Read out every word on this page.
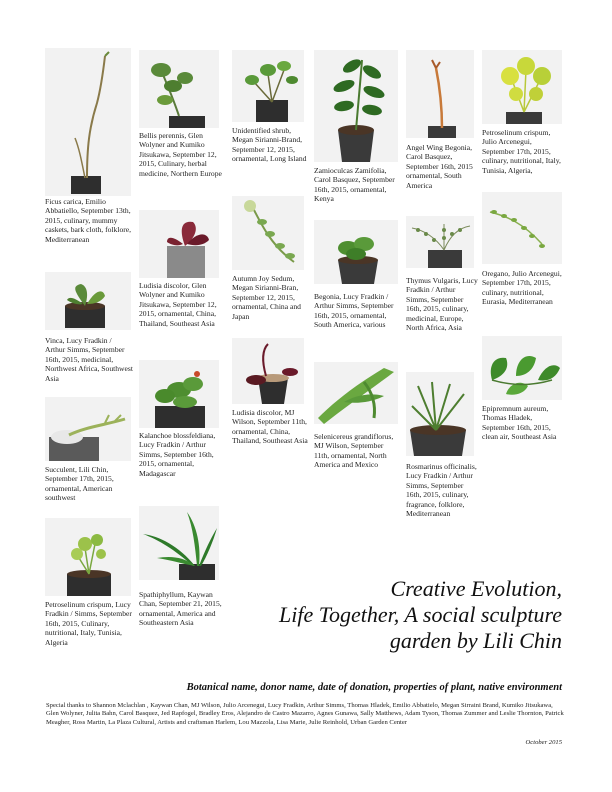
Ficus carica, Emilio Abbatiello, September 13th, 2015, culinary, mummy caskets, bark cloth, folklore, Mediterranean
Vinca, Lucy Fradkin / Arthur Simms, September 16th, 2015, medicinal, Northwest Africa, Southwest Asia
Succulent, Lili Chin, September 17th, 2015, ornamental, American southwest
Petroselinum crispum, Lucy Fradkin / Simms, September 16th, 2015, Culinary, nutritional, Italy, Tunisia, Algeria
Bellis perennis, Glen Wolyner and Kumiko Jitsukawa, September 12, 2015, Culinary, herbal medicine, Northern Europe
Ludisia discolor, Glen Wolyner and Kumiko Jitsukawa, September 12, 2015, ornamental, China, Thailand, Southeast Asia
Kalanchoe blossfeldiana, Lucy Fradkin / Arthur Simms, September 16th, 2015, ornamental, Madagascar
Spathiphyllum, Kaywan Chan, September 21, 2015, ornamental, America and Southeastern Asia
Unidentified shrub, Megan Sirianni-Brand, September 12, 2015, ornamental, Long Island
Autumn Joy Sedum, Megan Sirianni-Bran, September 12, 2015, ornamental, China and Japan
Ludisia discolor, MJ Wilson, September 11th, ornamental, China, Thailand, Southeast Asia
Zamioculcas Zamifolia, Carol Basquez, September 16th, 2015, ornamental, Kenya
Begonia, Lucy Fradkin / Arthur Simms, September 16th, 2015, ornamental, South America, various
Selenicereus grandiflorus, MJ Wilson, September 11th, ornamental, North America and Mexico
Angel Wing Begonia, Carol Basquez, September 16th, 2015 ornamental, South America
Thymus Vulgaris, Lucy Fradkin / Arthur Simms, September 16th, 2015, culinary, medicinal, Europe, North Africa, Asia
Rosmarinus officinalis, Lucy Fradkin / Arthur Simms, September 16th, 2015, culinary, fragrance, folklore, Mediterranean
Petroselinum crispum, Julio Arcenegui, September 17th, 2015, culinary, nutritional, Italy, Tunisia, Algeria,
Oregano, Julio Arcenegui, September 17th, 2015, culinary, nutritional, Eurasia, Mediterranean
Epipremnum aureum, Thomas Hladek, September 16th, 2015, clean air, Southeast Asia
Creative Evolution,
Life Together, A social sculpture
garden by Lili Chin
Botanical name, donor name, date of donation, properties of plant, native environment
Special thanks to Shannon Mclachlan , Kaywan Chan, MJ Wilson, Julio Arcenegui, Lucy Fradkin, Arthur Simms, Thomas Hladek, Emilio Abbatielo, Megan Sirraini Brand, Kumiko Jitsukawa, Glen Wolyner, Julita Bahn, Carol Basquez, Jed Rapfogel, Bradley Eros, Alejandro de Castro Mazarro, Agnes Gunawa, Sally Matthews, Adam Tyson, Thomas Zummer and Leslie Thornton, Patrick Meagher, Ross Martin, La Plaza Cultural, Artists and craftsman Harlem, Lou Mazzola, Lisa Marie, Julie Reinhold, Urban Garden Center
October 2015
